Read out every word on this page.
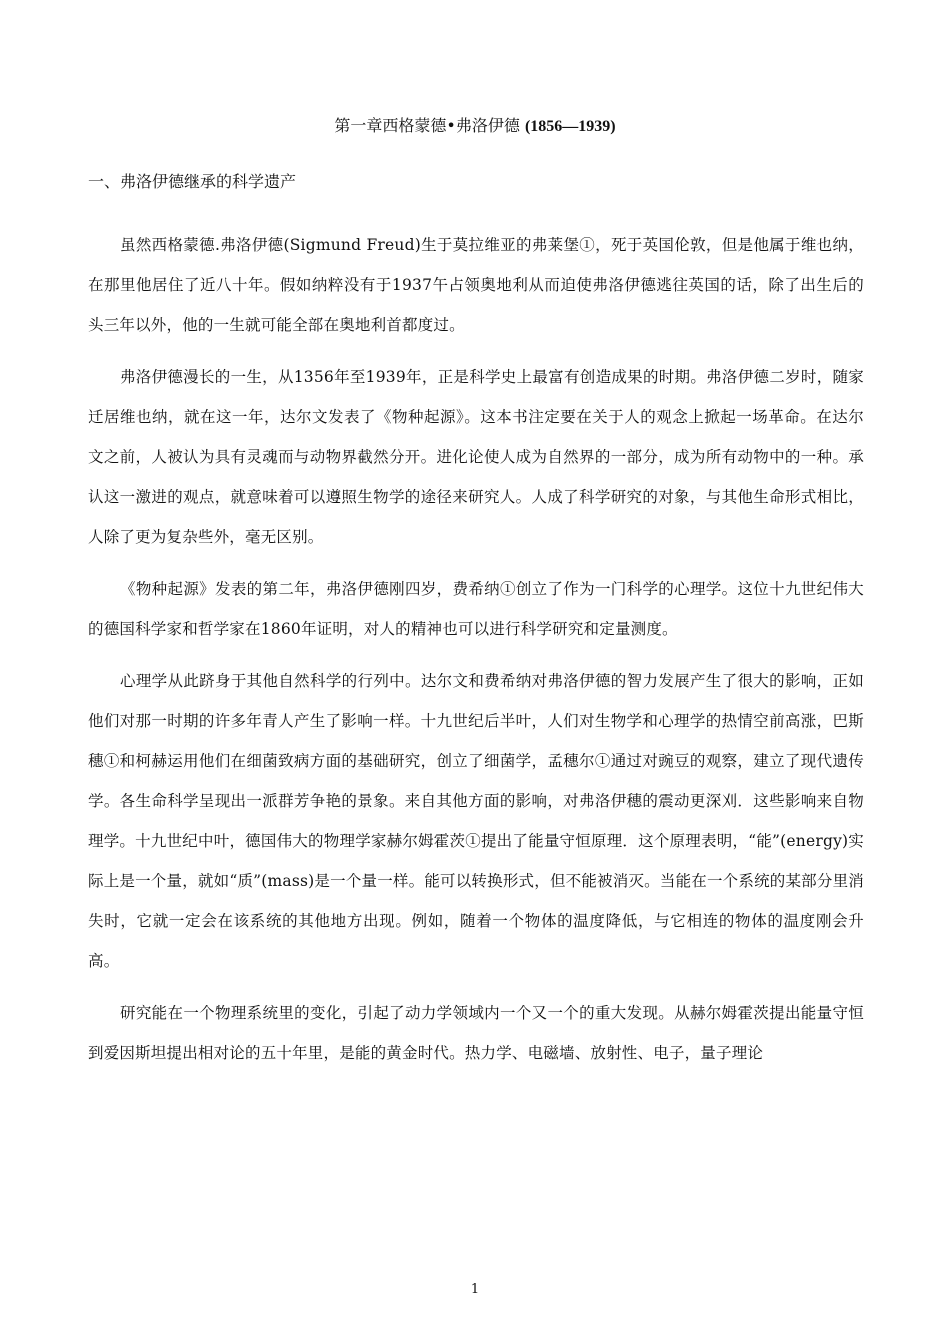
第一章西格蒙德•弗洛伊德 (1856—1939)
一、弗洛伊德继承的科学遗产

虽然西格蒙德.弗洛伊德(Sigmund Freud)生于莫拉维亚的弗莱堡①，死于英国伦敦，但是他属于维也纳，在那里他居住了近八十年。假如纳粹没有于1937午占领奥地利从而迫使弗洛伊德逃往英国的话，除了出生后的头三年以外，他的一生就可能全部在奥地利首都度过。

弗洛伊德漫长的一生，从1356年至1939年，正是科学史上最富有创造成果的时期。弗洛伊德二岁时，随家迁居维也纳，就在这一年，达尔文发表了《物种起源》。这本书注定要在关于人的观念上掀起一场革命。在达尔文之前，人被认为具有灵魂而与动物界截然分开。进化论使人成为自然界的一部分，成为所有动物中的一种。承认这一激进的观点，就意味着可以遵照生物学的途径来研究人。人成了科学研究的对象，与其他生命形式相比，人除了更为复杂些外，毫无区别。

《物种起源》发表的第二年，弗洛伊德刚四岁，费希纳①创立了作为一门科学的心理学。这位十九世纪伟大的德国科学家和哲学家在1860年证明，对人的精神也可以进行科学研究和定量测度。

心理学从此跻身于其他自然科学的行列中。达尔文和费希纳对弗洛伊德的智力发展产生了很大的影响，正如他们对那一时期的许多年青人产生了影响一样。十九世纪后半叶，人们对生物学和心理学的热情空前高涨，巴斯穗①和柯赫运用他们在细菌致病方面的基础研究，创立了细菌学，孟穗尔①通过对豌豆的观察，建立了现代遗传学。各生命科学呈现出一派群芳争艳的景象。来自其他方面的影响，对弗洛伊穗的震动更深刈．这些影响来自物理学。十九世纪中叶，德国伟大的物理学家赫尔姆霍茨①提出了能量守恒原理．这个原理表明，“能”(energy)实际上是一个量，就如“质”(mass)是一个量一样。能可以转换形式，但不能被消灭。当能在一个系统的某部分里消失时，它就一定会在该系统的其他地方出现。例如，随着一个物体的温度降低，与它相连的物体的温度刚会升高。

研究能在一个物理系统里的变化，引起了动力学领域内一个又一个的重大发现。从赫尔姆霍茨提出能量守恒到爱因斯坦提出相对论的五十年里，是能的黄金时代。热力学、电磁墙、放射性、电子，量子理论

1
